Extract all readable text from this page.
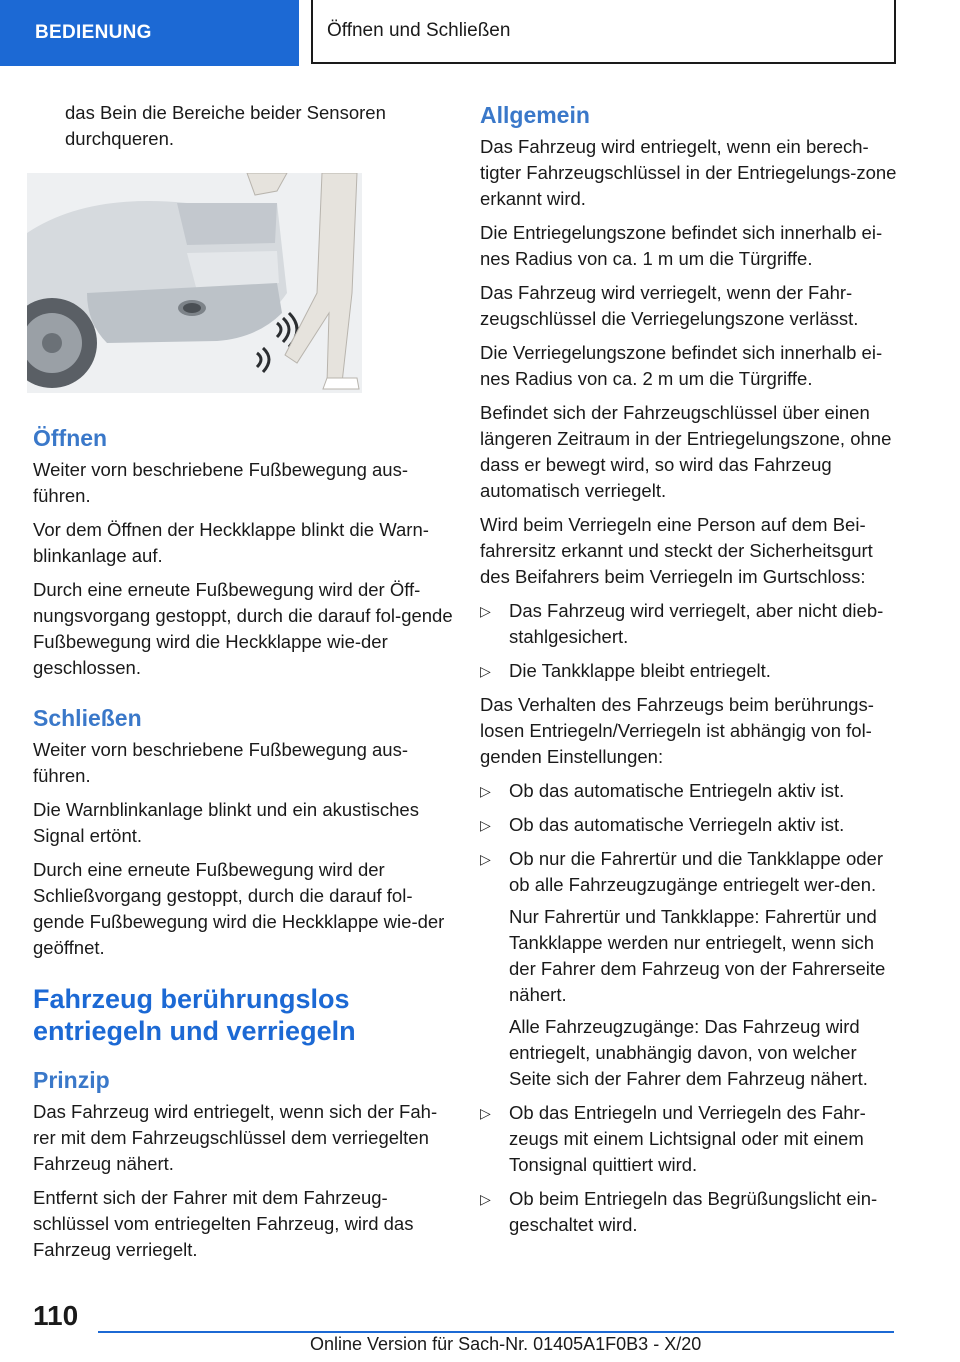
BEDIENUNG	Öffnen und Schließen

das Bein die Bereiche beider Sensoren durchqueren.

Öffnen

Weiter vorn beschriebene Fußbewegung aus-führen.

Vor dem Öffnen der Heckklappe blinkt die Warn-blinkanlage auf.

Durch eine erneute Fußbewegung wird der Öff-nungsvorgang gestoppt, durch die darauf fol-gende Fußbewegung wird die Heckklappe wie-der geschlossen.

Schließen

Weiter vorn beschriebene Fußbewegung aus-führen.

Die Warnblinkanlage blinkt und ein akustisches Signal ertönt.

Durch eine erneute Fußbewegung wird der Schließvorgang gestoppt, durch die darauf fol-gende Fußbewegung wird die Heckklappe wie-der geöffnet.

Fahrzeug berührungslos entriegeln und verriegeln
Prinzip

Das Fahrzeug wird entriegelt, wenn sich der Fah-rer mit dem Fahrzeugschlüssel dem verriegelten Fahrzeug nähert.

Entfernt sich der Fahrer mit dem Fahrzeug-schlüssel vom entriegelten Fahrzeug, wird das Fahrzeug verriegelt.

Allgemein

Das Fahrzeug wird entriegelt, wenn ein berech-tigter Fahrzeugschlüssel in der Entriegelungs-zone erkannt wird.

Die Entriegelungszone befindet sich innerhalb ei-nes Radius von ca. 1 m um die Türgriffe.

Das Fahrzeug wird verriegelt, wenn der Fahr-zeugschlüssel die Verriegelungszone verlässt.

Die Verriegelungszone befindet sich innerhalb ei-nes Radius von ca. 2 m um die Türgriffe.

Befindet sich der Fahrzeugschlüssel über einen längeren Zeitraum in der Entriegelungszone, ohne dass er bewegt wird, so wird das Fahrzeug automatisch verriegelt.

Wird beim Verriegeln eine Person auf dem Bei-fahrersitz erkannt und steckt der Sicherheitsgurt des Beifahrers beim Verriegeln im Gurtschloss:

▷ Das Fahrzeug wird verriegelt, aber nicht dieb-stahlgesichert.
▷ Die Tankklappe bleibt entriegelt.

Das Verhalten des Fahrzeugs beim berührungs-losen Entriegeln/Verriegeln ist abhängig von fol-genden Einstellungen:

▷ Ob das automatische Entriegeln aktiv ist.
▷ Ob das automatische Verriegeln aktiv ist.
▷ Ob nur die Fahrertür und die Tankklappe oder ob alle Fahrzeugzugänge entriegelt wer-den.

Nur Fahrertür und Tankklappe: Fahrertür und Tankklappe werden nur entriegelt, wenn sich der Fahrer dem Fahrzeug von der Fahrerseite nähert.

Alle Fahrzeugzugänge: Das Fahrzeug wird entriegelt, unabhängig davon, von welcher Seite sich der Fahrer dem Fahrzeug nähert.

▷ Ob das Entriegeln und Verriegeln des Fahr-zeugs mit einem Lichtsignal oder mit einem Tonsignal quittiert wird.
▷ Ob beim Entriegeln das Begrüßungslicht ein-geschaltet wird.
110
Online Version für Sach-Nr. 01405A1F0B3 - X/20
